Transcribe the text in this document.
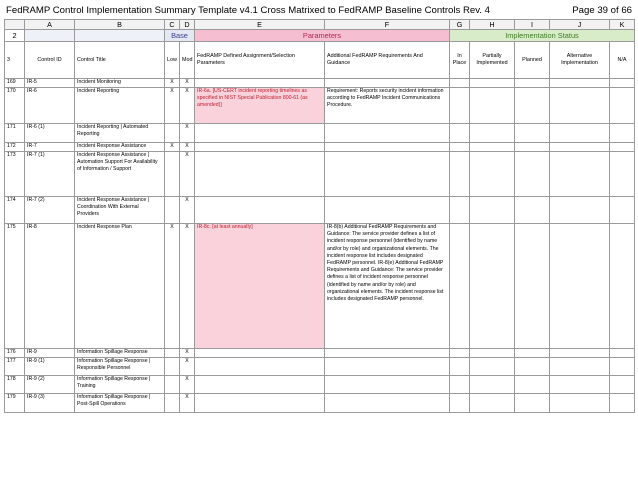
FedRAMP Control Implementation Summary Template v4.1 Cross Matrixed to FedRAMP Baseline Controls Rev. 4	Page 39 of 66
	A	B	C	D	E	F	G	H	I	J	K
2			Base		Parameters		Implementation Status				
3	Control ID	Control Title	Low	Mod	FedRAMP Defined Assignment/Selection Parameters	Additional FedRAMP Requirements And Guidance	In Place	Partially Implemented	Planned	Alternative Implementation	N/A
169	IR-5	Incident Monitoring	X	X							
170	IR-6	Incident Reporting	X	X	IR-6a. [US-CERT incident reporting timelines as specified in NIST Special Publication 800-61 (as amended)]	Requirement: Reports security incident information according to FedRAMP Incident Communications Procedure.					
171	IR-6 (1)	Incident Reporting | Automated Reporting		X							
172	IR-7	Incident Response Assistance	X	X							
173	IR-7 (1)	Incident Response Assistance | Automation Support For Availability of Information / Support		X							
174	IR-7 (2)	Incident Response Assistance | Coordination With External Providers		X							
175	IR-8	Incident Response Plan	X	X	IR-8c. [at least annually]	IR-8(b) Additional FedRAMP Requirements and Guidance: The service provider defines a list of incident response personnel (identified by name and/or by role) and organizational elements. The incident response list includes designated FedRAMP personnel. IR-8(e) Additional FedRAMP Requirements and Guidance: The service provider defines a list of incident response personnel (identified by name and/or by role) and organizational elements. The incident response list includes designated FedRAMP personnel.					
176	IR-9	Information Spillage Response		X							
177	IR-9 (1)	Information Spillage Response | Responsible Personnel		X							
178	IR-9 (2)	Information Spillage Response | Training		X							
179	IR-9 (3)	Information Spillage Response | Post-Spill Operations		X							
